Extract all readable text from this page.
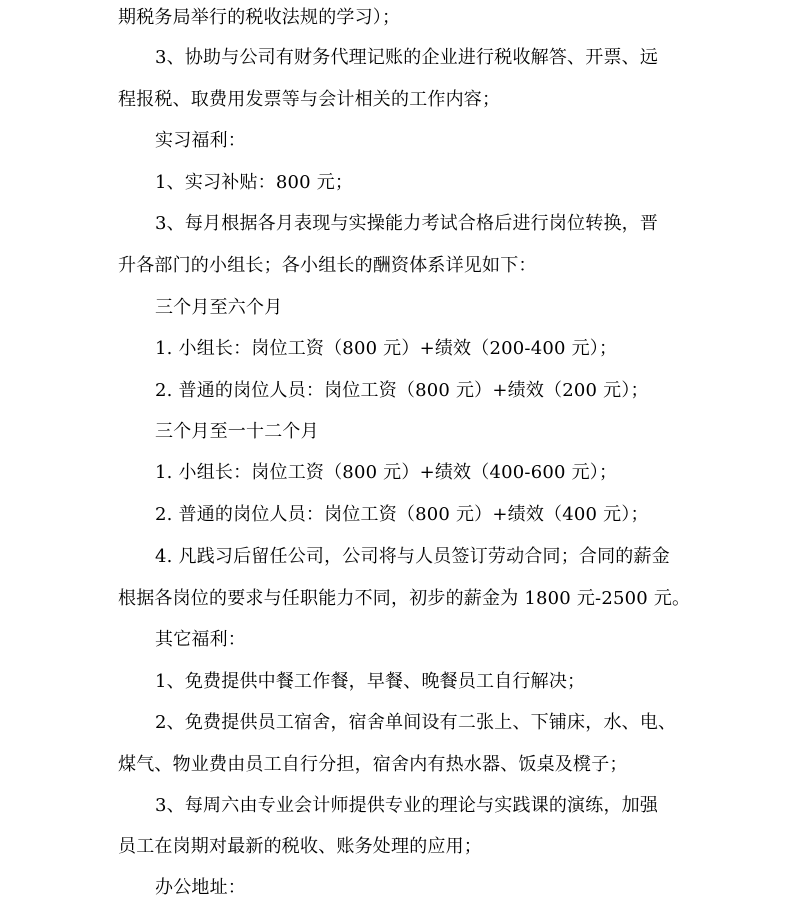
期税务局举行的税收法规的学习）；
3、协助与公司有财务代理记账的企业进行税收解答、开票、远
程报税、取费用发票等与会计相关的工作内容；
实习福利：
1、实习补贴：800 元；
3、每月根据各月表现与实操能力考试合格后进行岗位转换，晋
升各部门的小组长；各小组长的酬资体系详见如下：
三个月至六个月
1. 小组长：岗位工资（800 元）+绩效（200-400 元）；
2. 普通的岗位人员：岗位工资（800 元）+绩效（200 元）；
三个月至一十二个月
1. 小组长：岗位工资（800 元）+绩效（400-600 元）；
2. 普通的岗位人员：岗位工资（800 元）+绩效（400 元）；
4. 凡践习后留任公司，公司将与人员签订劳动合同；合同的薪金
根据各岗位的要求与任职能力不同，初步的薪金为 1800 元-2500 元。
其它福利：
1、免费提供中餐工作餐，早餐、晚餐员工自行解决；
2、免费提供员工宿舍，宿舍单间设有二张上、下铺床，水、电、
煤气、物业费由员工自行分担，宿舍内有热水器、饭桌及櫈子；
3、每周六由专业会计师提供专业的理论与实践课的演练，加强
员工在岗期对最新的税收、账务处理的应用；
办公地址：
